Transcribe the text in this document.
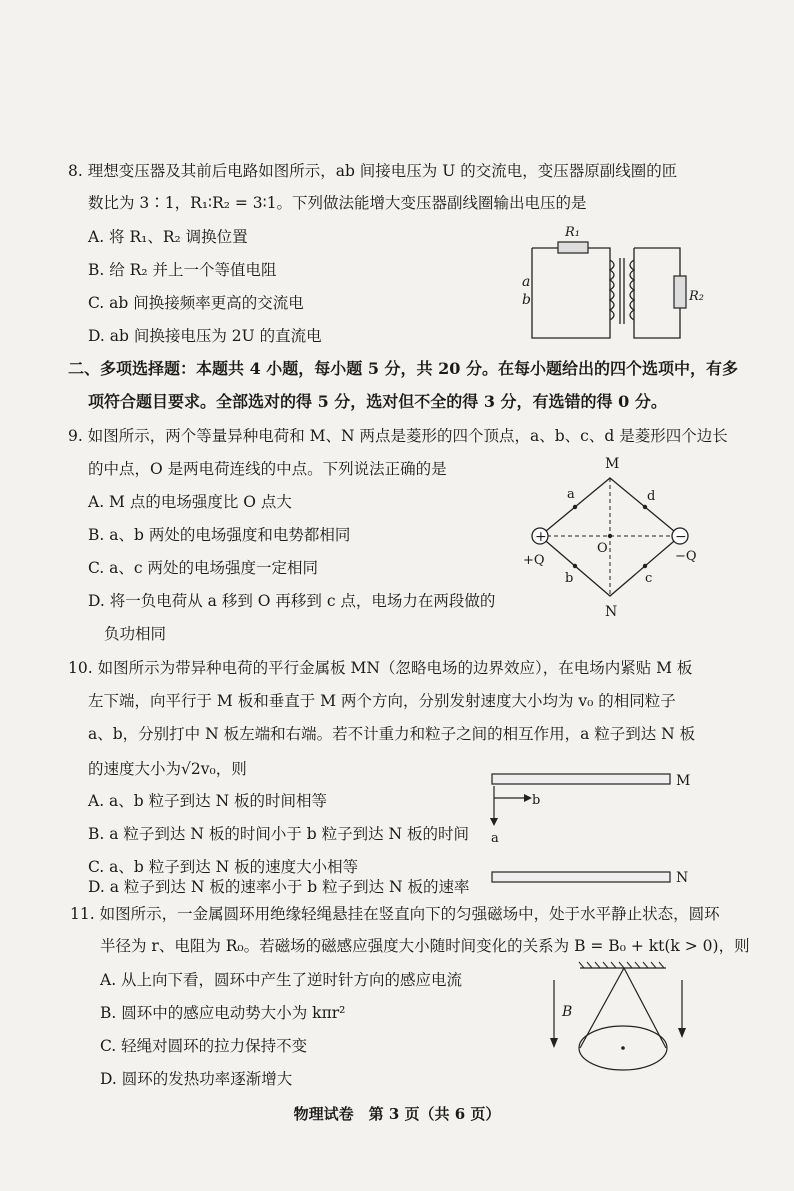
8. 理想变压器及其前后电路如图所示，ab 间接电压为 U 的交流电，变压器原副线圈的匝
数比为 3∶1，R₁∶R₂ = 3∶1。下列做法能增大变压器副线圈输出电压的是
A. 将 R₁、R₂ 调换位置
B. 给 R₂ 并上一个等值电阻
C. ab 间换接频率更高的交流电
D. ab 间换接电压为 2U 的直流电
R₁
a
b	R₂
二、多项选择题：本题共 4 小题，每小题 5 分，共 20 分。在每小题给出的四个选项中，有多
项符合题目要求。全部选对的得 5 分，选对但不全的得 3 分，有选错的得 0 分。
9. 如图所示，两个等量异种电荷和 M、N 两点是菱形的四个顶点，a、b、c、d 是菱形四个边长
的中点，O 是两电荷连线的中点。下列说法正确的是
A. M 点的电场强度比 O 点大
B. a、b 两处的电场强度和电势都相同
C. a、c 两处的电场强度一定相同
D. 将一负电荷从 a 移到 O 再移到 c 点，电场力在两段做的
负功相同
+	−
M
N
a	d
b	c
O
+Q	−Q
10. 如图所示为带异种电荷的平行金属板 MN（忽略电场的边界效应），在电场内紧贴 M 板
左下端，向平行于 M 板和垂直于 M 两个方向，分别发射速度大小均为 v₀ 的相同粒子
a、b，分别打中 N 板左端和右端。若不计重力和粒子之间的相互作用，a 粒子到达 N 板
的速度大小为√2v₀，则
A. a、b 粒子到达 N 板的时间相等
B. a 粒子到达 N 板的时间小于 b 粒子到达 N 板的时间
C. a、b 粒子到达 N 板的速度大小相等
D. a 粒子到达 N 板的速率小于 b 粒子到达 N 板的速率
M
b
a
N
11. 如图所示，一金属圆环用绝缘轻绳悬挂在竖直向下的匀强磁场中，处于水平静止状态，圆环
半径为 r、电阻为 R₀。若磁场的磁感应强度大小随时间变化的关系为 B = B₀ + kt(k > 0)，则
A. 从上向下看，圆环中产生了逆时针方向的感应电流
B. 圆环中的感应电动势大小为 kπr²
C. 轻绳对圆环的拉力保持不变
D. 圆环的发热功率逐渐增大
B
物理试卷　第 3 页（共 6 页）
